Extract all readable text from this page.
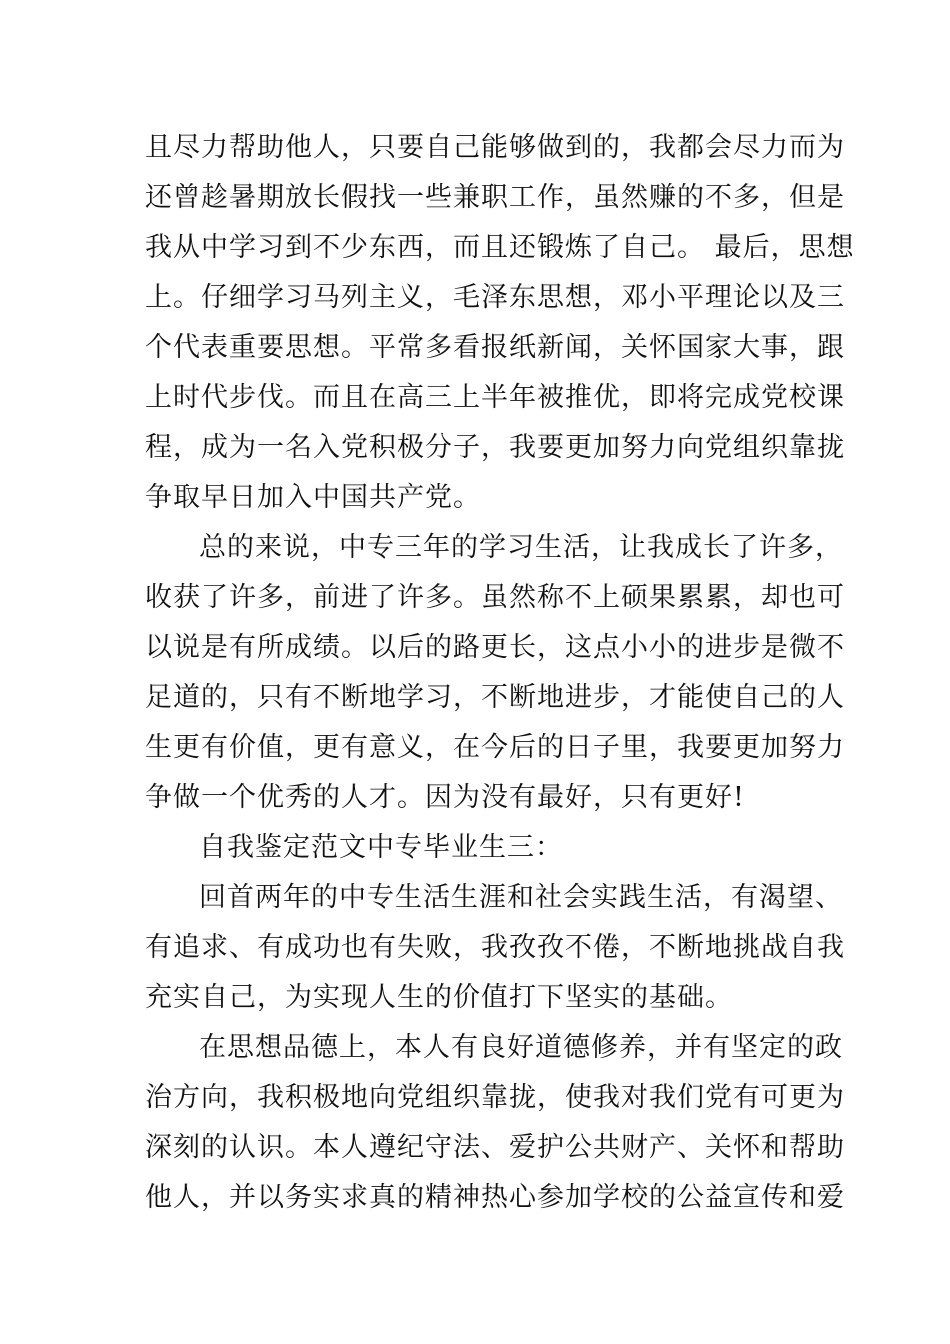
且尽力帮助他人，只要自己能够做到的，我都会尽力而为
还曾趁暑期放长假找一些兼职工作，虽然赚的不多，但是
我从中学习到不少东西，而且还锻炼了自己。 最后，思想
上。仔细学习马列主义，毛泽东思想，邓小平理论以及三
个代表重要思想。平常多看报纸新闻，关怀国家大事，跟
上时代步伐。而且在高三上半年被推优，即将完成党校课
程，成为一名入党积极分子，我要更加努力向党组织靠拢
争取早日加入中国共产党。
总的来说，中专三年的学习生活，让我成长了许多，
收获了许多，前进了许多。虽然称不上硕果累累，却也可
以说是有所成绩。以后的路更长，这点小小的进步是微不
足道的，只有不断地学习，不断地进步，才能使自己的人
生更有价值，更有意义，在今后的日子里，我要更加努力
争做一个优秀的人才。因为没有最好，只有更好!
自我鉴定范文中专毕业生三：
回首两年的中专生活生涯和社会实践生活，有渴望、
有追求、有成功也有失败，我孜孜不倦，不断地挑战自我
充实自己，为实现人生的价值打下坚实的基础。
在思想品德上，本人有良好道德修养，并有坚定的政
治方向，我积极地向党组织靠拢，使我对我们党有可更为
深刻的认识。本人遵纪守法、爱护公共财产、关怀和帮助
他人，并以务实求真的精神热心参加学校的公益宣传和爱
